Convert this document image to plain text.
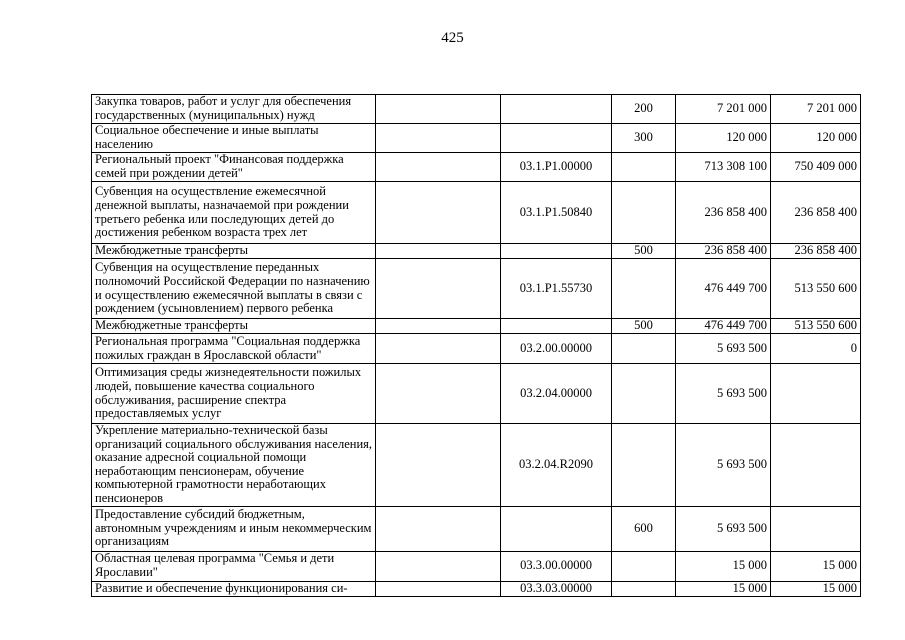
425
Закупка товаров, работ и услуг для обеспечения государственных (муниципальных) нужд			200	7 201 000	7 201 000
Социальное обеспечение и иные выплаты населению			300	120 000	120 000
Региональный проект "Финансовая поддержка семей при рождении детей"		03.1.P1.00000		713 308 100	750 409 000
Субвенция на осуществление ежемесячной денежной выплаты, назначаемой при рождении третьего ребенка или последующих детей до достижения ребенком возраста трех лет		03.1.P1.50840		236 858 400	236 858 400
Межбюджетные трансферты			500	236 858 400	236 858 400
Субвенция на осуществление переданных полномочий Российской Федерации по назначению и осуществлению ежемесячной выплаты в связи с рождением (усыновлением) первого ребенка		03.1.P1.55730		476 449 700	513 550 600
Межбюджетные трансферты			500	476 449 700	513 550 600
Региональная программа "Социальная поддержка пожилых граждан в Ярославской области"		03.2.00.00000		5 693 500	0
Оптимизация среды жизнедеятельности пожилых людей, повышение качества социального обслуживания, расширение спектра предоставляемых услуг		03.2.04.00000		5 693 500	
Укрепление материально-технической базы организаций социального обслуживания населения, оказание адресной социальной помощи неработающим пенсионерам, обучение компьютерной грамотности неработающих пенсионеров		03.2.04.R2090		5 693 500	
Предоставление субсидий бюджетным, автономным учреждениям и иным некоммерческим организациям			600	5 693 500	
Областная целевая программа "Семья и дети Ярославии"		03.3.00.00000		15 000	15 000
Развитие и обеспечение функционирования си-		03.3.03.00000		15 000	15 000
